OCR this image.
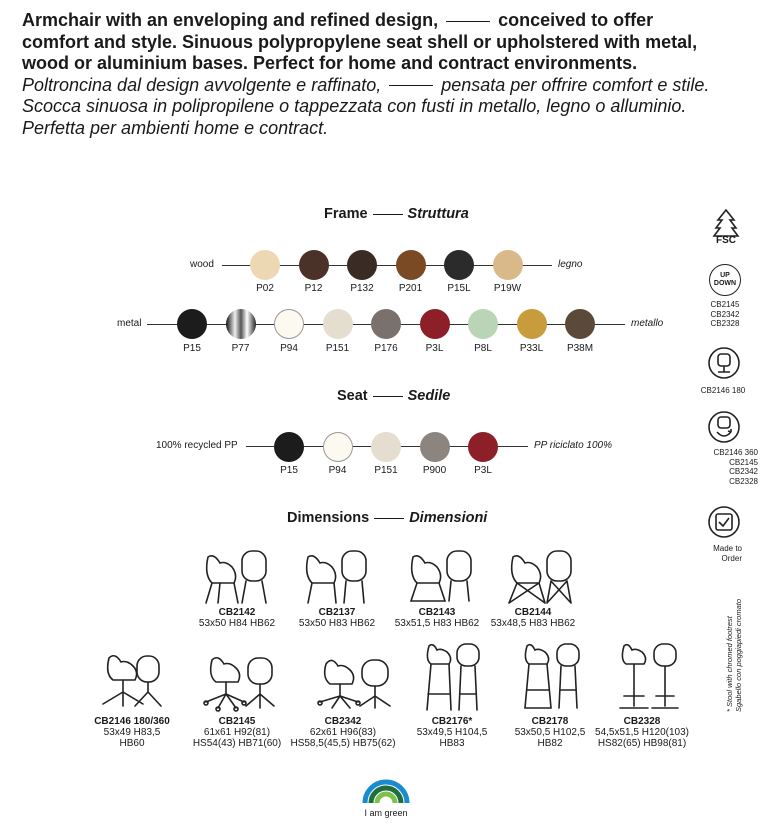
Armchair with an enveloping and refined design,	conceived to offer comfort and style. Sinuous polypropylene seat shell or upholstered with metal, wood or aluminium bases. Perfect for home and contract environments. Poltroncina dal design avvolgente e raffinato,	pensata per offrire comfort e stile. Scocca sinuosa in polipropilene o tappezzata con fusti in metallo, legno o alluminio. Perfetta per ambienti home e contract.

Frame	Struttura
wood	legno
P02	P12	P132	P201	P15L	P19W
metal	metallo
P15	P77	P94	P151	P176	P3L	P8L	P33L	P38M
Seat	Sedile
100% recycled PP	PP riciclato 100%
P15	P94	P151	P900	P3L
Dimensions	Dimensioni
CB2142
53x50 H84 HB62
CB2137
53x50 H83 HB62
CB2143
53x51,5 H83 HB62
CB2144
53x48,5 H83 HB62
CB2146 180/360
53x49 H83,5
HB60
CB2145
61x61 H92(81)
HS54(43) HB71(60)
CB2342
62x61 H96(83)
HS58,5(45,5) HB75(62)
CB2176*
53x49,5 H104,5
HB83
CB2178
53x50,5 H102,5
HB82
CB2328
54,5x51,5 H120(103)
HS82(65) HB98(81)
FSC
UP
DOWN
CB2145
CB2342
CB2328
CB2146 180
CB2146 360
CB2145
CB2342
CB2328
Made to
Order
* Stool with chromed footrest Sgabello con poggiapiedi cromato
I am green
